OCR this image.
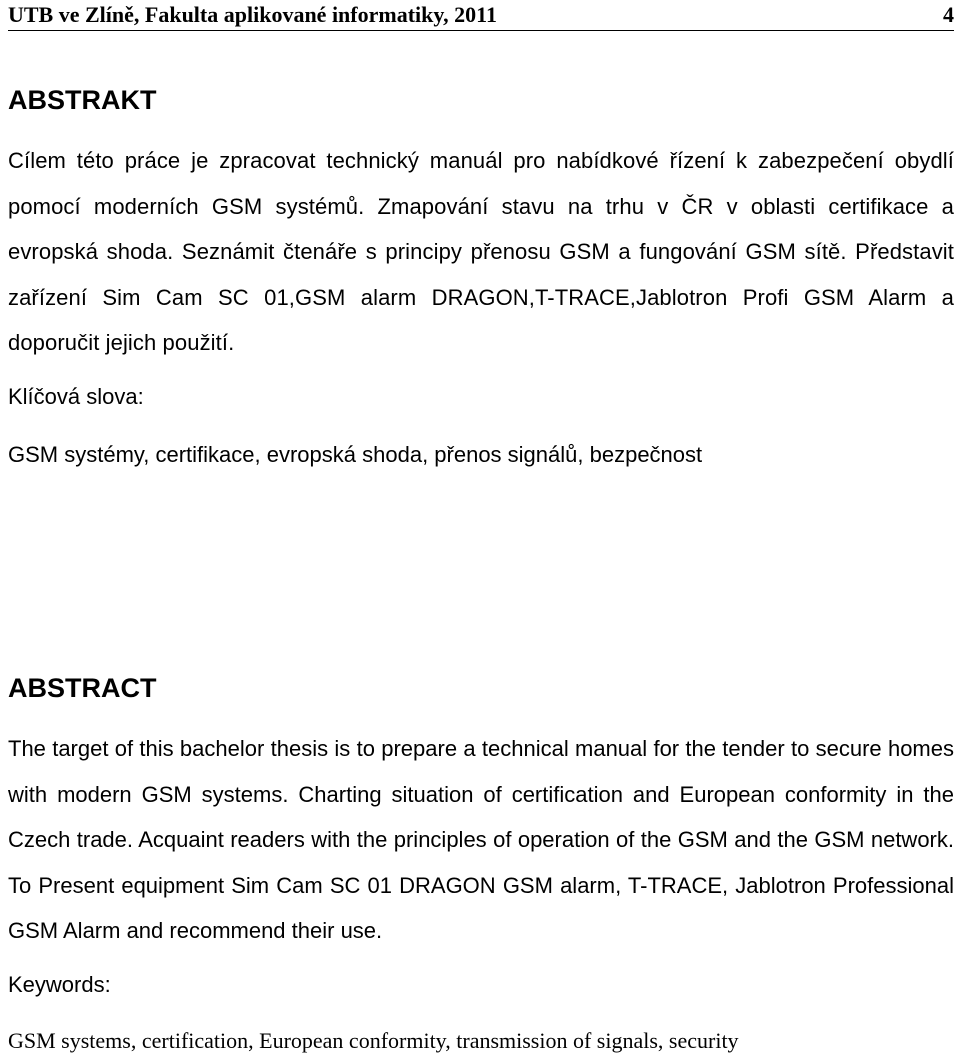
UTB ve Zlíně, Fakulta aplikované informatiky, 2011	4
ABSTRAKT

Cílem této práce je zpracovat technický manuál pro nabídkové řízení k zabezpečení obydlí pomocí moderních GSM systémů. Zmapování stavu na trhu v ČR v oblasti certifikace a evropská shoda. Seznámit čtenáře s principy přenosu GSM a fungování GSM sítě. Představit zařízení Sim Cam SC 01,GSM alarm DRAGON,T-TRACE,Jablotron Profi GSM Alarm a doporučit jejich použití.

Klíčová slova:

GSM systémy, certifikace, evropská shoda, přenos signálů, bezpečnost

ABSTRACT

The target of this bachelor thesis is to prepare a technical manual for the tender to secure homes with modern GSM systems. Charting situation of certification and European conformity in the Czech trade. Acquaint readers with the principles of operation of the GSM and the GSM network. To Present equipment Sim Cam SC 01 DRAGON GSM alarm, T-TRACE, Jablotron Professional GSM Alarm and recommend their use.

Keywords:

GSM systems, certification, European conformity, transmission of signals, security
